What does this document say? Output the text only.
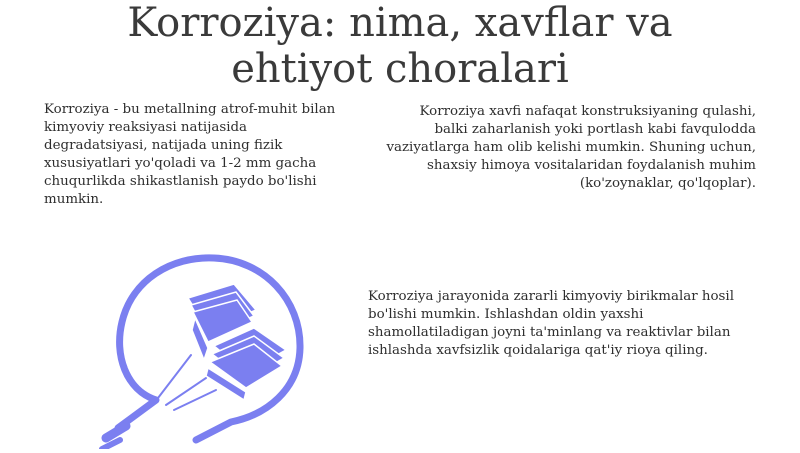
Korroziya: nima, xavflar va
ehtiyot choralari

Korroziya - bu metallning atrof-muhit bilan kimyoviy reaksiyasi natijasida degradatsiyasi, natijada uning fizik xususiyatlari yo'qoladi va 1-2 mm gacha chuqurlikda shikastlanish paydo bo'lishi mumkin.

Korroziya xavfi nafaqat konstruksiyaning qulashi, balki zaharlanish yoki portlash kabi favqulodda vaziyatlarga ham olib kelishi mumkin. Shuning uchun, shaxsiy himoya vositalaridan foydalanish muhim (ko'zoynaklar, qo'lqoplar).

Korroziya jarayonida zararli kimyoviy birikmalar hosil bo'lishi mumkin. Ishlashdan oldin yaxshi shamollatiladigan joyni ta'minlang va reaktivlar bilan ishlashda xavfsizlik qoidalariga qat'iy rioya qiling.
